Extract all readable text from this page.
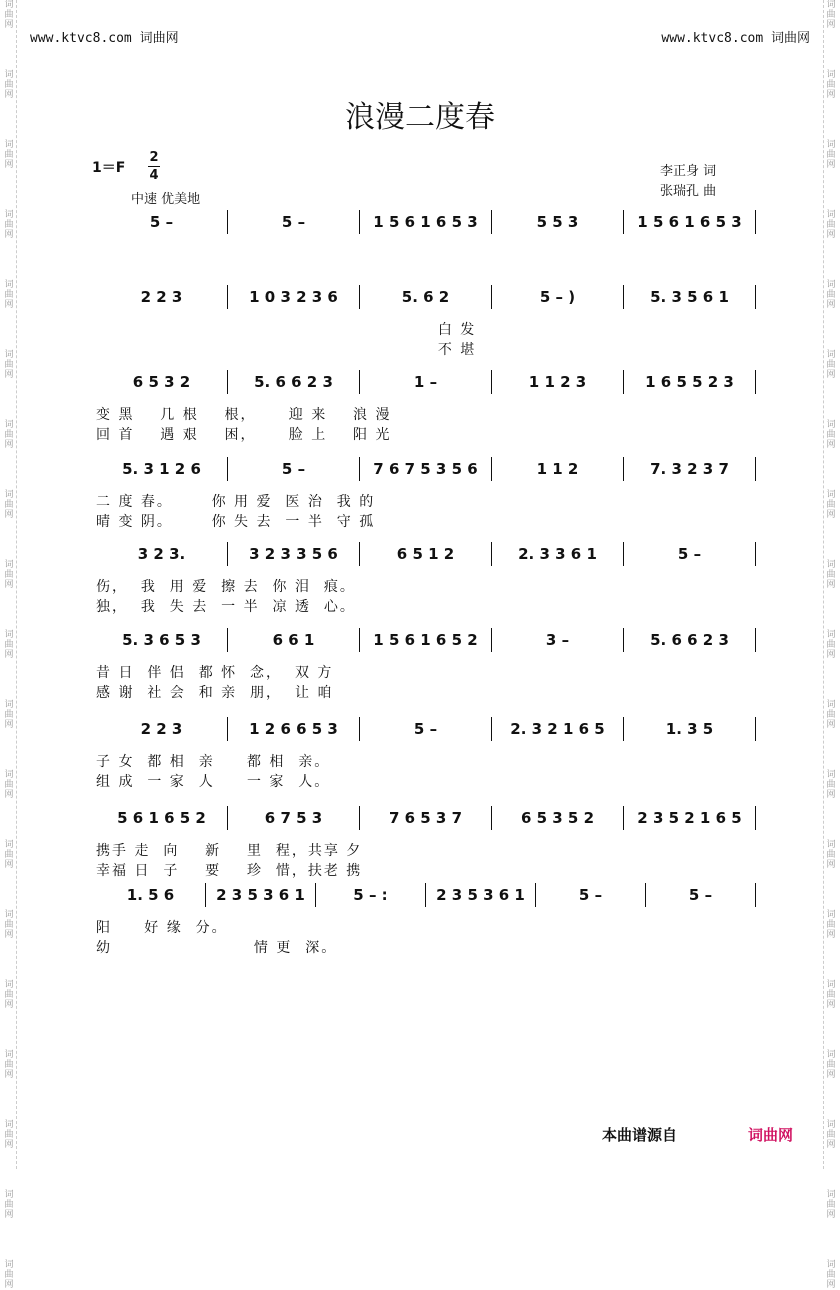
词曲网
词曲网
词曲网
词曲网
词曲网
词曲网
词曲网
词曲网
词曲网
词曲网
词曲网
词曲网
词曲网
词曲网
词曲网
词曲网
词曲网
词曲网
词曲网
词曲网
词曲网
词曲网
词曲网
词曲网
词曲网
词曲网
词曲网
词曲网
词曲网
词曲网
词曲网
词曲网
词曲网
词曲网
词曲网
词曲网
词曲网
词曲网
www.ktvc8.com 词曲网	www.ktvc8.com 词曲网
浪漫二度春
1＝F
2
4
中速 优美地
李正身 词
张瑞孔 曲
5 –	5 –	1 5 6 1 6 5 3	5 5 3	1 5 6 1 6 5 3
2 2 3	1 0 3 2 3 6	5. 6 2	5 – )	5. 3 5 6 1
白 发
不 堪
6 5 3 2	5. 6 6 2 3	1 –	1 1 2 3	1 6 5 5 2 3
变 黑    几 根    根，     迎 来    浪 漫
回 首    遇 艰    困，     脸 上    阳 光
5. 3 1 2 6	5 –	7 6 7 5 3 5 6	1 1 2	7. 3 2 3 7
二 度 春。      你 用 爱  医 治  我 的
晴 变 阴。      你 失 去  一 半  守 孤
3 2 3.	3 2 3 3 5 6	6 5 1 2	2. 3 3 6 1	5 –
伤，  我  用 爱  擦 去  你 泪  痕。
独，  我  失 去  一 半  凉 透  心。
5. 3 6 5 3	6 6 1	1 5 6 1 6 5 2	3 –	5. 6 6 2 3
昔 日  伴 侣  都 怀  念，  双 方
感 谢  社 会  和 亲  朋，  让 咱
2 2 3	1 2 6 6 5 3	5 –	2. 3 2 1 6 5	1. 3 5
子 女  都 相  亲     都 相  亲。
组 成  一 家  人     一 家  人。
5 6 1 6 5 2	6 7 5 3	7 6 5 3 7	6 5 3 5 2	2 3 5 2 1 6 5
携手 走  向    新    里  程，共享 夕
幸福 日  子    要    珍  惜，扶老 携
1. 5 6	2 3 5 3 6 1	5 – :	2 3 5 3 6 1	5 –	5 –
阳     好 缘  分。
幼                      情 更  深。
本曲谱源自	词曲网
